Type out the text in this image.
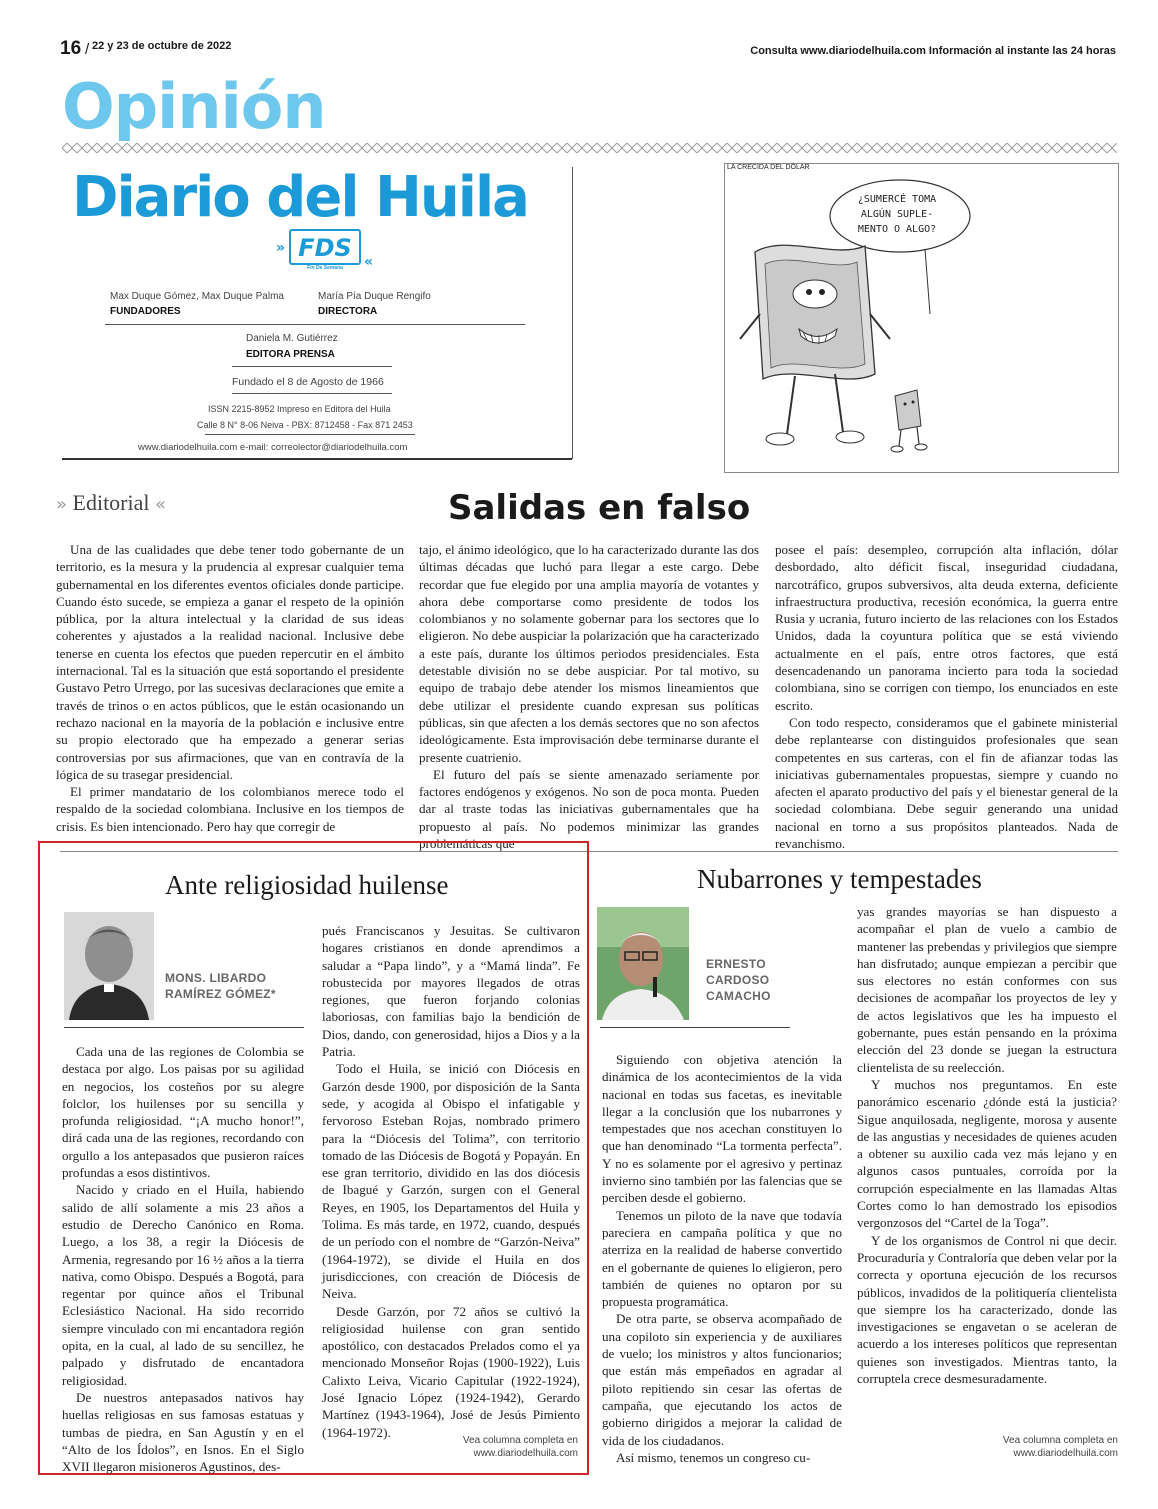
16 / 22 y 23 de octubre de 2022	Consulta www.diariodelhuila.com Información al instante las 24 horas
Opinión
Diario del Huila
» FDS
Fin De Semana «
Max Duque Gómez, Max Duque Palma
FUNDADORES
María Pía Duque Rengifo
DIRECTORA
Daniela M. Gutiérrez
EDITORA PRENSA
Fundado el 8 de Agosto de 1966
ISSN 2215-8952 Impreso en Editora del Huila
Calle 8 N° 8-06 Neiva - PBX: 8712458 - Fax 871 2453
www.diariodelhuila.com e-mail: correolector@diariodelhuila.com
¿SUMERCÉ TOMA
ALGÚN SUPLE-
MENTO O ALGO?
LA CRECIDA DEL DÓLAR
» Editorial «	Salidas en falso

Una de las cualidades que debe tener todo gobernante de un territorio, es la mesura y la prudencia al expresar cualquier tema gubernamental en los diferentes eventos oficiales donde participe. Cuando ésto sucede, se empieza a ganar el respeto de la opinión pública, por la altura intelectual y la claridad de sus ideas coherentes y ajustados a la realidad nacional. Inclusive debe tenerse en cuenta los efectos que pueden repercutir en el ámbito internacional. Tal es la situación que está soportando el presidente Gustavo Petro Urrego, por las sucesivas declaraciones que emite a través de trinos o en actos públicos, que le están ocasionando un rechazo nacional en la mayoría de la población e inclusive entre su propio electorado que ha empezado a generar serias controversias por sus afirmaciones, que van en contravía de la lógica de su trasegar presidencial.

El primer mandatario de los colombianos merece todo el respaldo de la sociedad colombiana. Inclusive en los tiempos de crisis. Es bien intencionado. Pero hay que corregir de

tajo, el ánimo ideológico, que lo ha caracterizado durante las dos últimas décadas que luchó para llegar a este cargo. Debe recordar que fue elegido por una amplia mayoría de votantes y ahora debe comportarse como presidente de todos los colombianos y no solamente gobernar para los sectores que lo eligieron. No debe auspiciar la polarización que ha caracterizado a este país, durante los últimos periodos presidenciales. Esta detestable división no se debe auspiciar. Por tal motivo, su equipo de trabajo debe atender los mismos lineamientos que debe utilizar el presidente cuando expresan sus políticas públicas, sin que afecten a los demás sectores que no son afectos ideológicamente. Esta improvisación debe terminarse durante el presente cuatrienio.

El futuro del país se siente amenazado seriamente por factores endógenos y exógenos. No son de poca monta. Pueden dar al traste todas las iniciativas gubernamentales que ha propuesto al país. No podemos minimizar las grandes problemáticas que

posee el país: desempleo, corrupción alta inflación, dólar desbordado, alto déficit fiscal, inseguridad ciudadana, narcotráfico, grupos subversivos, alta deuda externa, deficiente infraestructura productiva, recesión económica, la guerra entre Rusia y ucrania, futuro incierto de las relaciones con los Estados Unidos, dada la coyuntura política que se está viviendo actualmente en el país, entre otros factores, que está desencadenando un panorama incierto para toda la sociedad colombiana, sino se corrigen con tiempo, los enunciados en este escrito.

Con todo respecto, consideramos que el gabinete ministerial debe replantearse con distinguidos profesionales que sean competentes en sus carteras, con el fin de afianzar todas las iniciativas gubernamentales propuestas, siempre y cuando no afecten el aparato productivo del país y el bienestar general de la sociedad colombiana. Debe seguir generando una unidad nacional en torno a sus propósitos planteados. Nada de revanchismo.

Ante religiosidad huilense
MONS. LIBARDO
RAMÍREZ GÓMEZ*

Cada una de las regiones de Colombia se destaca por algo. Los paisas por su agilidad en negocios, los costeños por su alegre folclor, los huilenses por su sencilla y profunda religiosidad. “¡A mucho honor!”, dirá cada una de las regiones, recordando con orgullo a los antepasados que pusieron raíces profundas a esos distintivos.

Nacido y criado en el Huila, habiendo salido de allí solamente a mis 23 años a estudio de Derecho Canónico en Roma. Luego, a los 38, a regir la Diócesis de Armenia, regresando por 16 ½ años a la tierra nativa, como Obispo. Después a Bogotá, para regentar por quince años el Tribunal Eclesiástico Nacional. Ha sido recorrido siempre vinculado con mi encantadora región opita, en la cual, al lado de su sencillez, he palpado y disfrutado de encantadora religiosidad.

De nuestros antepasados nativos hay huellas religiosas en sus famosas estatuas y tumbas de piedra, en San Agustín y en el “Alto de los Ídolos”, en Isnos. En el Siglo XVII llegaron misioneros Agustinos, des-

pués Franciscanos y Jesuitas. Se cultivaron hogares cristianos en donde aprendimos a saludar a “Papa lindo”, y a “Mamá linda”. Fe robustecida por mayores llegados de otras regiones, que fueron forjando colonias laboriosas, con familias bajo la bendición de Dios, dando, con generosidad, hijos a Dios y a la Patria.

Todo el Huila, se inició con Diócesis en Garzón desde 1900, por disposición de la Santa sede, y acogida al Obispo el infatigable y fervoroso Esteban Rojas, nombrado primero para la “Diócesis del Tolima”, con territorio tomado de las Diócesis de Bogotá y Popayán. En ese gran territorio, dividido en las dos diócesis de Ibagué y Garzón, surgen con el General Reyes, en 1905, los Departamentos del Huila y Tolima. Es más tarde, en 1972, cuando, después de un período con el nombre de “Garzón-Neiva” (1964-1972), se divide el Huila en dos jurisdicciones, con creación de Diócesis de Neiva.

Desde Garzón, por 72 años se cultivó la religiosidad huilense con gran sentido apostólico, con destacados Prelados como el ya mencionado Monseñor Rojas (1900-1922), Luis Calixto Leiva, Vicario Capitular (1922-1924), José Ignacio López (1924-1942), Gerardo Martínez (1943-1964), José de Jesús Pimiento (1964-1972).

Vea columna completa en
www.diariodelhuila.com
Nubarrones y tempestades
ERNESTO
CARDOSO
CAMACHO

Siguiendo con objetiva atención la dinámica de los acontecimientos de la vida nacional en todas sus facetas, es inevitable llegar a la conclusión que los nubarrones y tempestades que nos acechan constituyen lo que han denominado “La tormenta perfecta”. Y no es solamente por el agresivo y pertinaz invierno sino también por las falencias que se perciben desde el gobierno.

Tenemos un piloto de la nave que todavía pareciera en campaña política y que no aterriza en la realidad de haberse convertido en el gobernante de quienes lo eligieron, pero también de quienes no optaron por su propuesta programática.

De otra parte, se observa acompañado de una copiloto sin experiencia y de auxiliares de vuelo; los ministros y altos funcionarios; que están más empeñados en agradar al piloto repitiendo sin cesar las ofertas de campaña, que ejecutando los actos de gobierno dirigidos a mejorar la calidad de vida de los ciudadanos.

Así mismo, tenemos un congreso cu-

yas grandes mayorías se han dispuesto a acompañar el plan de vuelo a cambio de mantener las prebendas y privilegios que siempre han disfrutado; aunque empiezan a percibir que sus electores no están conformes con sus decisiones de acompañar los proyectos de ley y de actos legislativos que les ha impuesto el gobernante, pues están pensando en la próxima elección del 23 donde se juegan la estructura clientelista de su reelección.

Y muchos nos preguntamos. En este panorámico escenario ¿dónde está la justicia? Sigue anquilosada, negligente, morosa y ausente de las angustias y necesidades de quienes acuden a obtener su auxilio cada vez más lejano y en algunos casos puntuales, corroída por la corrupción especialmente en las llamadas Altas Cortes como lo han demostrado los episodios vergonzosos del “Cartel de la Toga”.

Y de los organismos de Control ni que decir. Procuraduría y Contraloría que deben velar por la correcta y oportuna ejecución de los recursos públicos, invadidos de la politiquería clientelista que siempre los ha caracterizado, donde las investigaciones se engavetan o se aceleran de acuerdo a los intereses políticos que representan quienes son investigados. Mientras tanto, la corruptela crece desmesuradamente.

Vea columna completa en
www.diariodelhuila.com
